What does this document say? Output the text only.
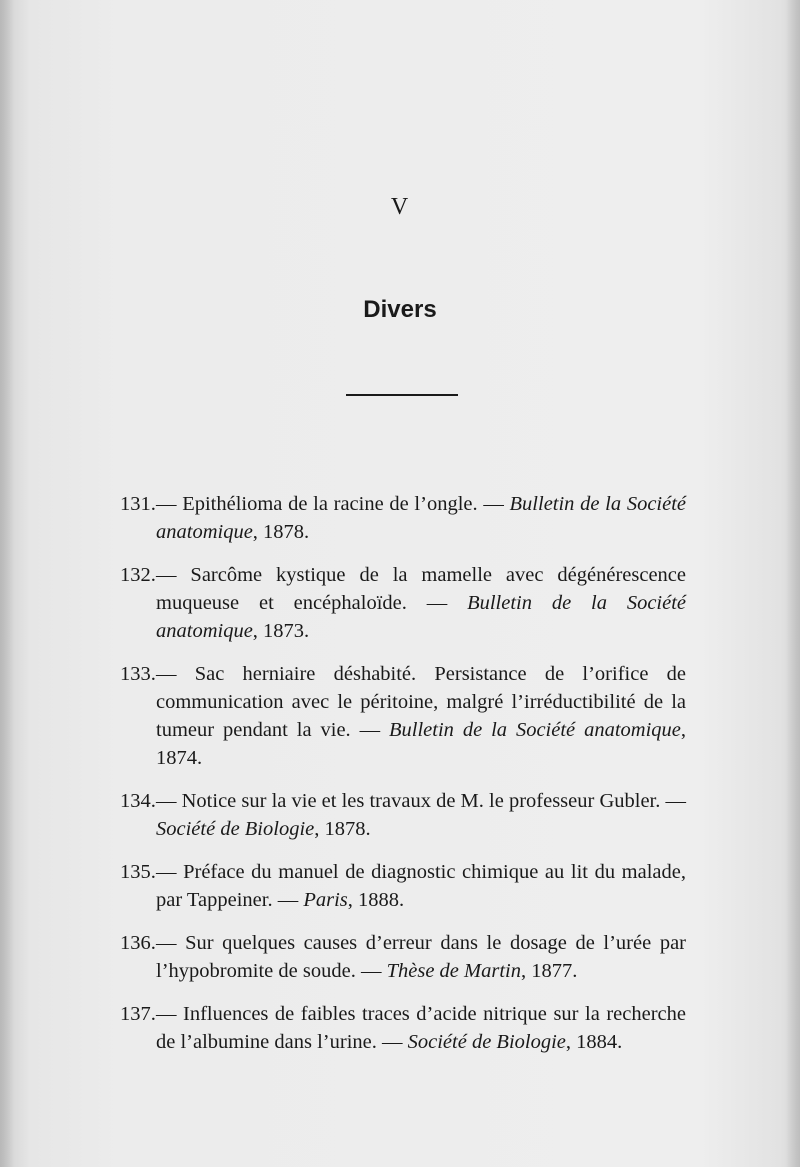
V
Divers
131. — Epithélioma de la racine de l’ongle. — Bulletin de la Société anatomique, 1878.
132. — Sarcôme kystique de la mamelle avec dégénérescence muqueuse et encéphaloïde. — Bulletin de la Société anatomique, 1873.
133. — Sac herniaire déshabité. Persistance de l’orifice de communication avec le péritoine, malgré l’irréductibilité de la tumeur pendant la vie. — Bulletin de la Société anatomique, 1874.
134. — Notice sur la vie et les travaux de M. le professeur Gubler. — Société de Biologie, 1878.
135. — Préface du manuel de diagnostic chimique au lit du malade, par Tappeiner. — Paris, 1888.
136. — Sur quelques causes d’erreur dans le dosage de l’urée par l’hypobromite de soude. — Thèse de Martin, 1877.
137. — Influences de faibles traces d’acide nitrique sur la recherche de l’albumine dans l’urine. — Société de Biologie, 1884.
